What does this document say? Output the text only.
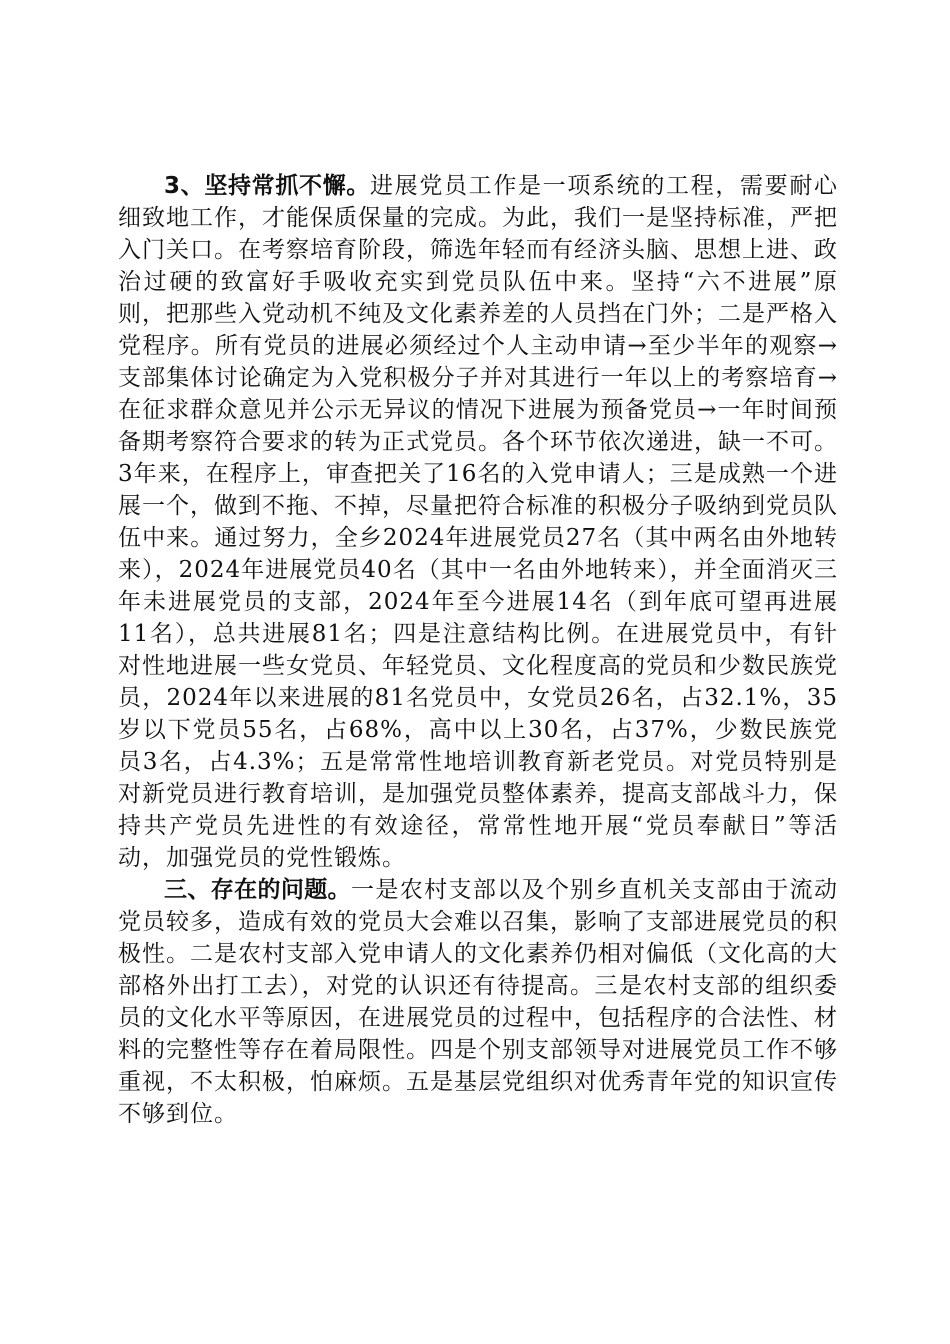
3、坚持常抓不懈。进展党员工作是一项系统的工程，需要耐心细致地工作，才能保质保量的完成。为此，我们一是坚持标准，严把入门关口。在考察培育阶段，筛选年轻而有经济头脑、思想上进、政治过硬的致富好手吸收充实到党员队伍中来。坚持“六不进展”原则，把那些入党动机不纯及文化素养差的人员挡在门外；二是严格入党程序。所有党员的进展必须经过个人主动申请→至少半年的观察→支部集体讨论确定为入党积极分子并对其进行一年以上的考察培育→在征求群众意见并公示无异议的情况下进展为预备党员→一年时间预备期考察符合要求的转为正式党员。各个环节依次递进，缺一不可。3年来，在程序上，审查把关了16名的入党申请人；三是成熟一个进展一个，做到不拖、不掉，尽量把符合标准的积极分子吸纳到党员队伍中来。通过努力，全乡2024年进展党员27名（其中两名由外地转来），2024年进展党员40名（其中一名由外地转来），并全面消灭三年未进展党员的支部，2024年至今进展14名（到年底可望再进展11名），总共进展81名；四是注意结构比例。在进展党员中，有针对性地进展一些女党员、年轻党员、文化程度高的党员和少数民族党员，2024年以来进展的81名党员中，女党员26名，占32.1%，35岁以下党员55名，占68%，高中以上30名，占37%，少数民族党员3名，占4.3%；五是常常性地培训教育新老党员。对党员特别是对新党员进行教育培训，是加强党员整体素养，提高支部战斗力，保持共产党员先进性的有效途径，常常性地开展“党员奉献日”等活动，加强党员的党性锻炼。

三、存在的问题。一是农村支部以及个别乡直机关支部由于流动党员较多，造成有效的党员大会难以召集，影响了支部进展党员的积极性。二是农村支部入党申请人的文化素养仍相对偏低（文化高的大部格外出打工去），对党的认识还有待提高。三是农村支部的组织委员的文化水平等原因，在进展党员的过程中，包括程序的合法性、材料的完整性等存在着局限性。四是个别支部领导对进展党员工作不够重视，不太积极，怕麻烦。五是基层党组织对优秀青年党的知识宣传不够到位。
